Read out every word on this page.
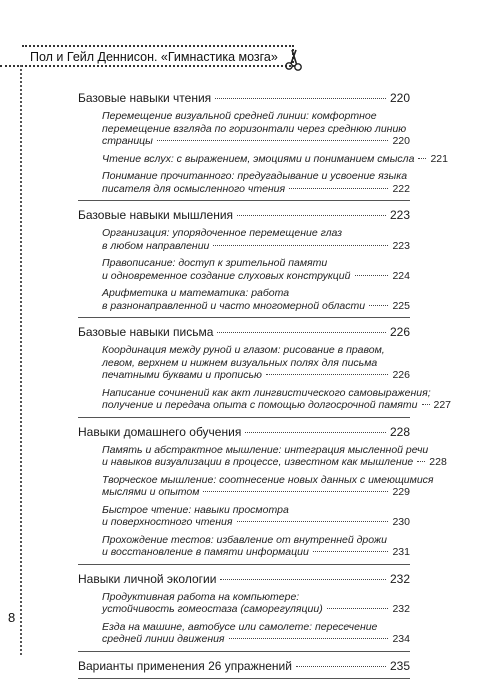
Пол и Гейл Деннисон. «Гимнастика мозга»
8
Базовые навыки чтения	220
Перемещение визуальной средней линии: комфортное
перемещение взгляда по горизонтали через среднюю линию
страницы	220
Чтение вслух: с выражением, эмоциями и пониманием смысла 221
Понимание прочитанного: предугадывание и усвоение языка
писателя для осмысленного чтения	222
Базовые навыки мышления	223
Организация: упорядоченное перемещение глаз
в любом направлении	223
Правописание: доступ к зрительной памяти
и одновременное создание слуховых конструкций	224
Арифметика и математика: работа
в разнонаправленной и часто многомерной области	225
Базовые навыки письма	226
Координация между руной и глазом: рисование в правом,
левом, верхнем и нижнем визуальных полях для письма
печатными буквами и прописью	226
Написание сочинений как акт лингвистического самовыражения;
получение и передача опыта с помощью долгосрочной памяти 227
Навыки домашнего обучения	228
Память и абстрактное мышление: интеграция мысленной речи
и навыков визуализации в процессе, известном как мышление 228
Творческое мышление: соотнесение новых данных с имеющимися
мыслями и опытом	229
Быстрое чтение: навыки просмотра
и поверхностного чтения	230
Прохождение тестов: избавление от внутренней дрожи
и восстановление в памяти информации	231
Навыки личной экологии	232
Продуктивная работа на компьютере:
устойчивость гомеостаза (саморегуляции)	232
Езда на машине, автобусе или самолете: пересечение
средней линии движения	234
Варианты применения 26 упражнений	235
